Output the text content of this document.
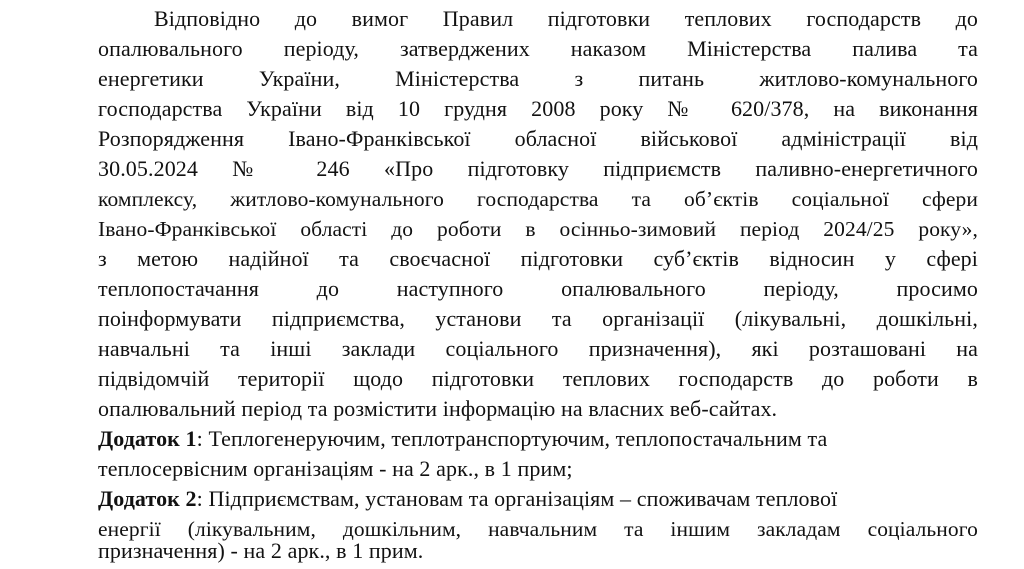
Відповідно до вимог Правил підготовки теплових господарств до
опалювального періоду, затверджених наказом Міністерства палива та
енергетики України, Міністерства з питань житлово-комунального
господарства України від 10 грудня 2008 року № 620/378, на виконання
Розпорядження Івано-Франківської обласної військової адміністрації від
30.05.2024 № 246 «Про підготовку підприємств паливно-енергетичного
комплексу, житлово-комунального господарства та об’єктів соціальної сфери
Івано-Франківської області до роботи в осінньо-зимовий період 2024/25 року»,
з метою надійної та своєчасної підготовки суб’єктів відносин у сфері
теплопостачання до наступного опалювального періоду, просимо
поінформувати підприємства, установи та організації (лікувальні, дошкільні,
навчальні та інші заклади соціального призначення), які розташовані на
підвідомчій території щодо підготовки теплових господарств до роботи в
опалювальний період та розмістити інформацію на власних веб-сайтах.
Додаток 1: Теплогенеруючим, теплотранспортуючим, теплопостачальним та
теплосервісним організаціям - на 2 арк., в 1 прим;
Додаток 2: Підприємствам, установам та організаціям – споживачам теплової
енергії (лікувальним, дошкільним, навчальним та іншим закладам соціального
призначення) - на 2 арк., в 1 прим.
